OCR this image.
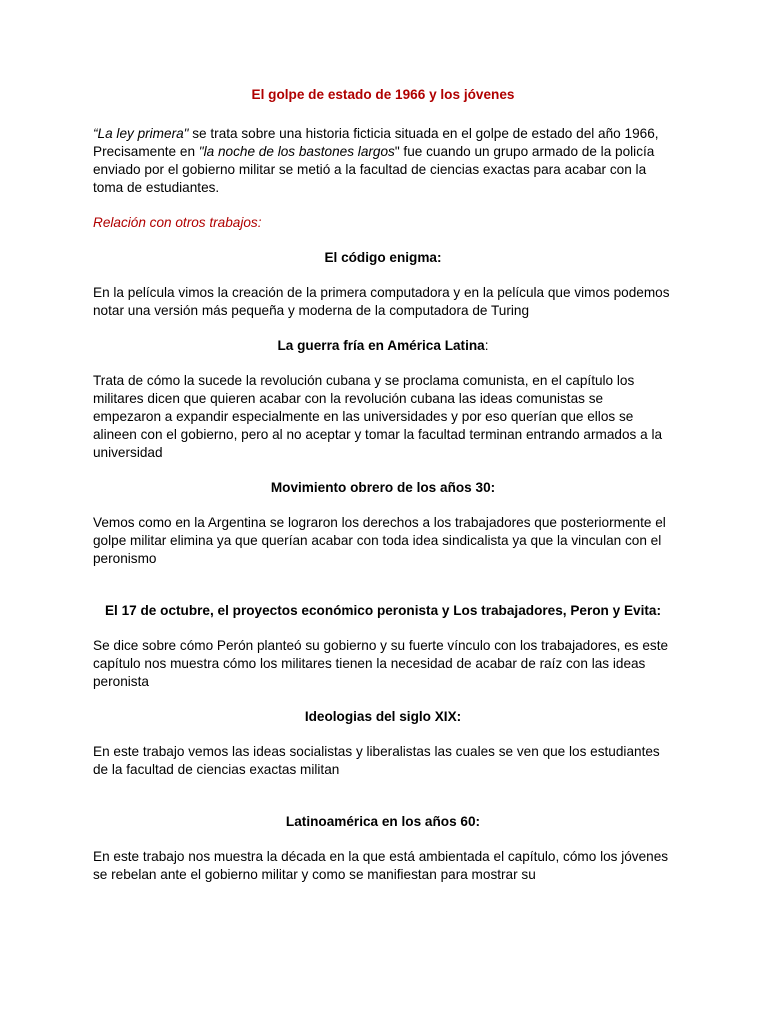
El golpe de estado de 1966 y los jóvenes
“La ley primera" se trata sobre una historia ficticia situada en el golpe de estado del año 1966,
Precisamente en "la noche de los bastones largos" fue cuando un grupo armado de la policía enviado por el gobierno militar se metió a la facultad de ciencias exactas para acabar con la toma de estudiantes.
Relación con otros trabajos:
El código enigma:
En la película vimos la creación de la primera computadora y en la película que vimos podemos notar una versión más pequeña y moderna de la computadora de Turing
La guerra fría en América Latina:
Trata de cómo la sucede la revolución cubana y se proclama comunista, en el capítulo los militares dicen que quieren acabar con la revolución cubana las ideas comunistas se empezaron a expandir especialmente en las universidades y por eso querían que ellos se alineen con el gobierno, pero al no aceptar y tomar la facultad terminan entrando armados a la universidad
Movimiento obrero de los años 30:
Vemos como en la Argentina se lograron los derechos a los trabajadores que posteriormente el golpe militar elimina ya que querían acabar con toda idea sindicalista ya que la vinculan con el peronismo
El 17 de octubre, el proyectos económico peronista y Los trabajadores, Peron y Evita:
Se dice sobre cómo Perón planteó su gobierno y su fuerte vínculo con los trabajadores, es este capítulo nos muestra cómo los militares tienen la necesidad de acabar de raíz con las ideas peronista
Ideologias del siglo XIX:
En este trabajo vemos las ideas socialistas y liberalistas las cuales se ven que los estudiantes de la facultad de ciencias exactas militan
Latinoamérica en los años 60:
En este trabajo nos muestra la década en la que está ambientada el capítulo, cómo los jóvenes se rebelan ante el gobierno militar y como se manifiestan para mostrar su
